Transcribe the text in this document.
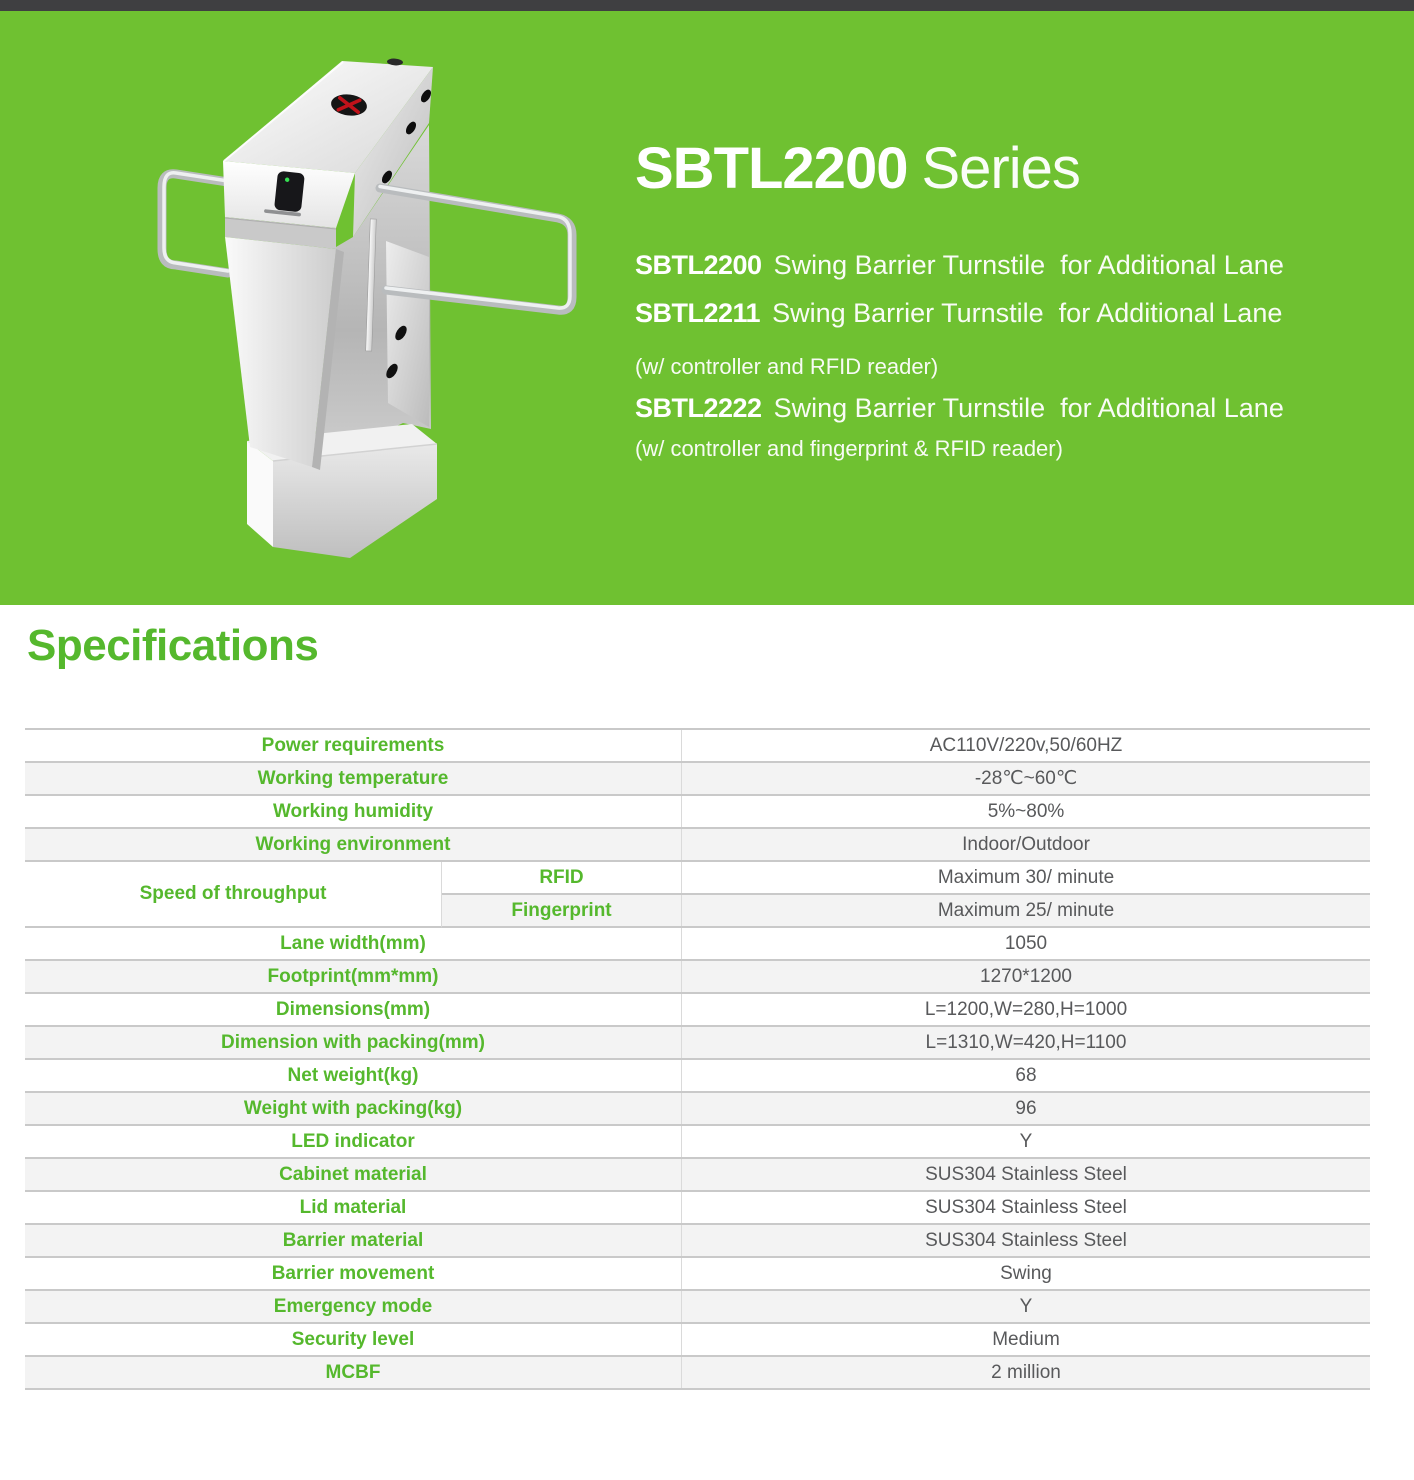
SBTL2200 Series
SBTL2200 Swing Barrier Turnstile  for Additional Lane
SBTL2211 Swing Barrier Turnstile  for Additional Lane
(w/ controller and RFID reader)
SBTL2222 Swing Barrier Turnstile  for Additional Lane
(w/ controller and fingerprint & RFID reader)
Specifications
Power requirements	AC110V/220v,50/60HZ
Working temperature	-28℃~60℃
Working humidity	5%~80%
Working environment	Indoor/Outdoor
Speed of throughput
RFID	Maximum 30/ minute
Fingerprint	Maximum 25/ minute
Lane width(mm)	1050
Footprint(mm*mm)	1270*1200
Dimensions(mm)	L=1200,W=280,H=1000
Dimension with packing(mm)	L=1310,W=420,H=1100
Net weight(kg)	68
Weight with packing(kg)	96
LED indicator	Y
Cabinet material	SUS304 Stainless Steel
Lid material	SUS304 Stainless Steel
Barrier material	SUS304 Stainless Steel
Barrier movement	Swing
Emergency mode	Y
Security level	Medium
MCBF	2 million
